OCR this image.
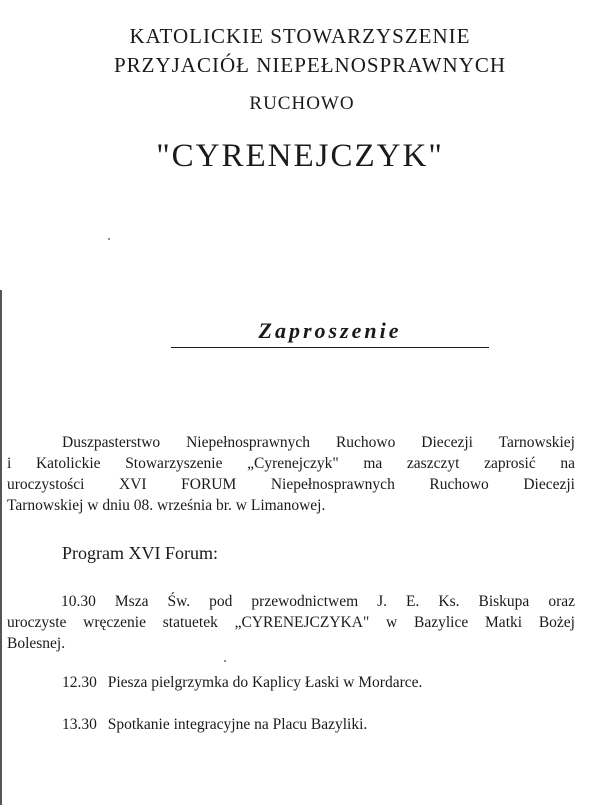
KATOLICKIE STOWARZYSZENIE
PRZYJACIÓŁ NIEPEŁNOSPRAWNYCH
RUCHOWO
"CYRENEJCZYK"
Zaproszenie
Duszpasterstwo Niepełnosprawnych Ruchowo Diecezji Tarnowskiej
i Katolickie Stowarzyszenie „Cyrenejczyk" ma zaszczyt zaprosić na
uroczystości XVI FORUM Niepełnosprawnych Ruchowo Diecezji
Tarnowskiej w dniu 08. września br. w Limanowej.
Program XVI Forum:
10.30 Msza Św. pod przewodnictwem J. E. Ks. Biskupa oraz
uroczyste wręczenie statuetek „CYRENEJCZYKA" w Bazylice Matki Bożej
Bolesnej.
12.30 Piesza pielgrzymka do Kaplicy Łaski w Mordarce.
13.30 Spotkanie integracyjne na Placu Bazyliki.
